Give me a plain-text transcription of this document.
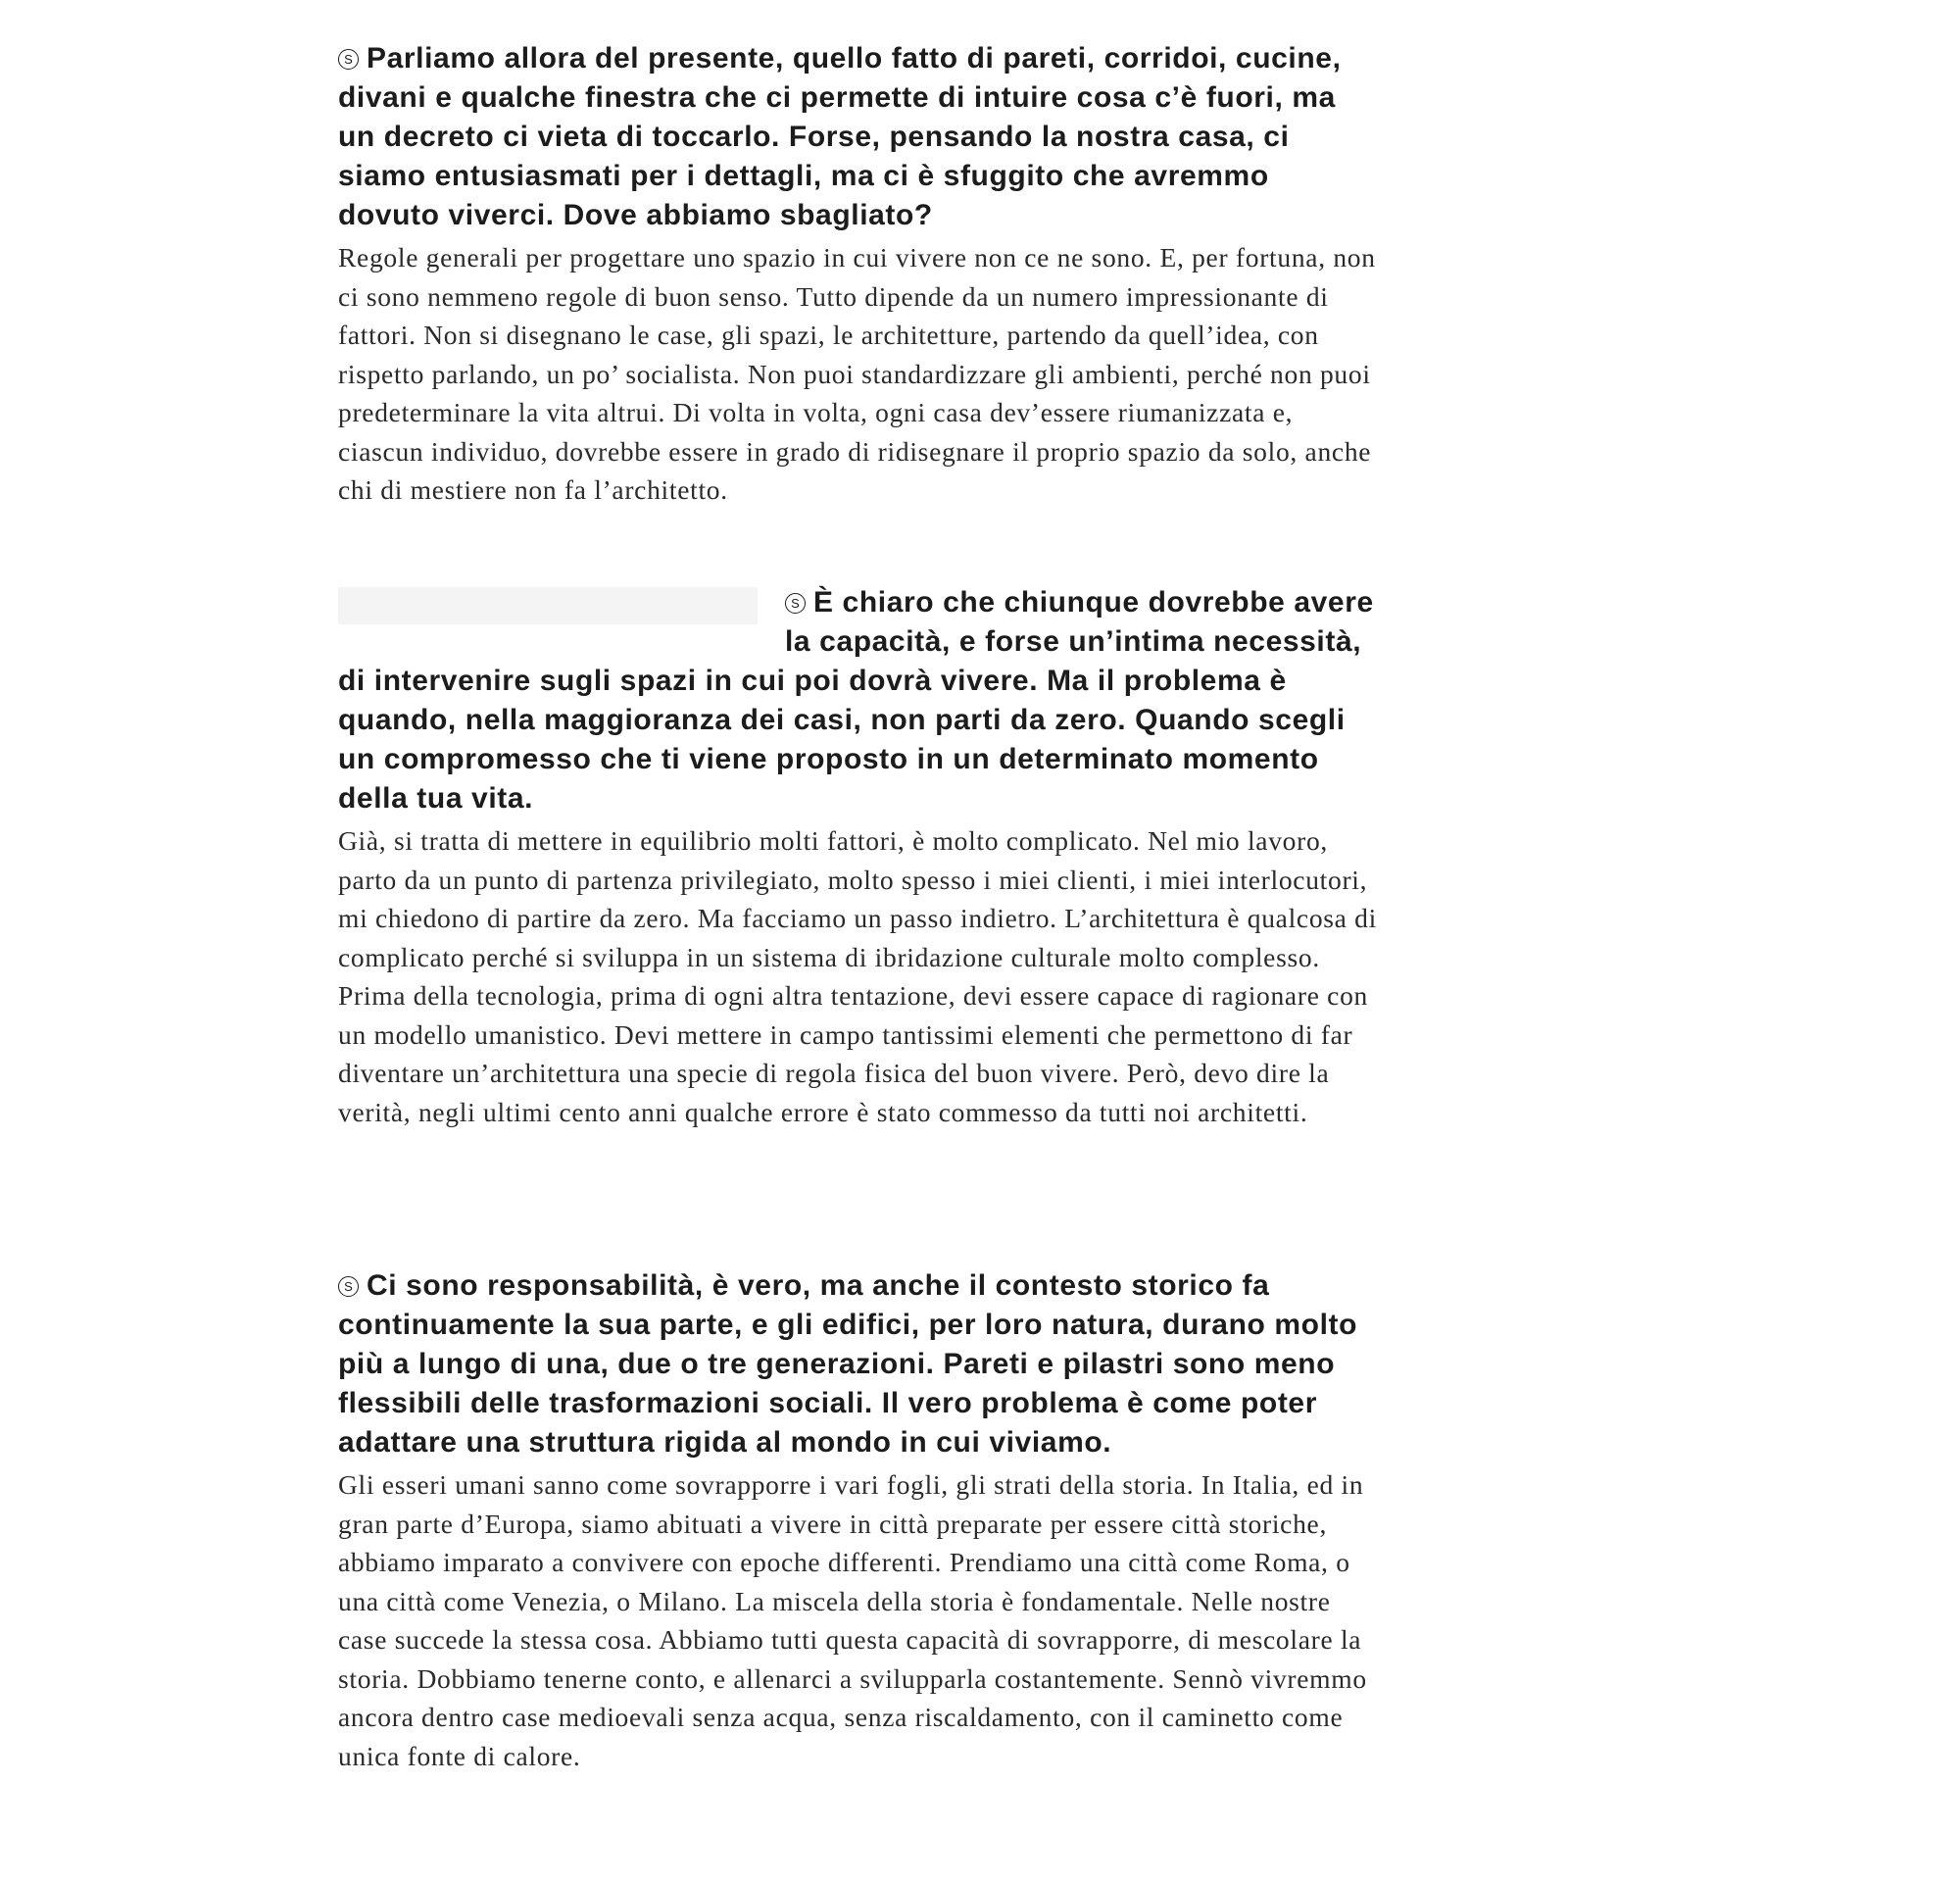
S Parliamo allora del presente, quello fatto di pareti, corridoi, cucine, divani e qualche finestra che ci permette di intuire cosa c’è fuori, ma un decreto ci vieta di toccarlo. Forse, pensando la nostra casa, ci siamo entusiasmati per i dettagli, ma ci è sfuggito che avremmo dovuto viverci. Dove abbiamo sbagliato?

Regole generali per progettare uno spazio in cui vivere non ce ne sono. E, per fortuna, non ci sono nemmeno regole di buon senso. Tutto dipende da un numero impressionante di fattori. Non si disegnano le case, gli spazi, le architetture, partendo da quell’idea, con rispetto parlando, un po’ socialista. Non puoi standardizzare gli ambienti, perché non puoi predeterminare la vita altrui. Di volta in volta, ogni casa dev’essere riumanizzata e, ciascun individuo, dovrebbe essere in grado di ridisegnare il proprio spazio da solo, anche chi di mestiere non fa l’architetto.

S È chiaro che chiunque dovrebbe avere la capacità, e forse un’intima necessità, di intervenire sugli spazi in cui poi dovrà vivere. Ma il problema è quando, nella maggioranza dei casi, non parti da zero. Quando scegli un compromesso che ti viene proposto in un determinato momento della tua vita.

Già, si tratta di mettere in equilibrio molti fattori, è molto complicato. Nel mio lavoro, parto da un punto di partenza privilegiato, molto spesso i miei clienti, i miei interlocutori, mi chiedono di partire da zero. Ma facciamo un passo indietro. L’architettura è qualcosa di complicato perché si sviluppa in un sistema di ibridazione culturale molto complesso. Prima della tecnologia, prima di ogni altra tentazione, devi essere capace di ragionare con un modello umanistico. Devi mettere in campo tantissimi elementi che permettono di far diventare un’architettura una specie di regola fisica del buon vivere. Però, devo dire la verità, negli ultimi cento anni qualche errore è stato commesso da tutti noi architetti.

S Ci sono responsabilità, è vero, ma anche il contesto storico fa continuamente la sua parte, e gli edifici, per loro natura, durano molto più a lungo di una, due o tre generazioni. Pareti e pilastri sono meno flessibili delle trasformazioni sociali. Il vero problema è come poter adattare una struttura rigida al mondo in cui viviamo.

Gli esseri umani sanno come sovrapporre i vari fogli, gli strati della storia. In Italia, ed in gran parte d’Europa, siamo abituati a vivere in città preparate per essere città storiche, abbiamo imparato a convivere con epoche differenti. Prendiamo una città come Roma, o una città come Venezia, o Milano. La miscela della storia è fondamentale. Nelle nostre case succede la stessa cosa. Abbiamo tutti questa capacità di sovrapporre, di mescolare la storia. Dobbiamo tenerne conto, e allenarci a svilupparla costantemente. Sennò vivremmo ancora dentro case medioevali senza acqua, senza riscaldamento, con il caminetto come unica fonte di calore.
